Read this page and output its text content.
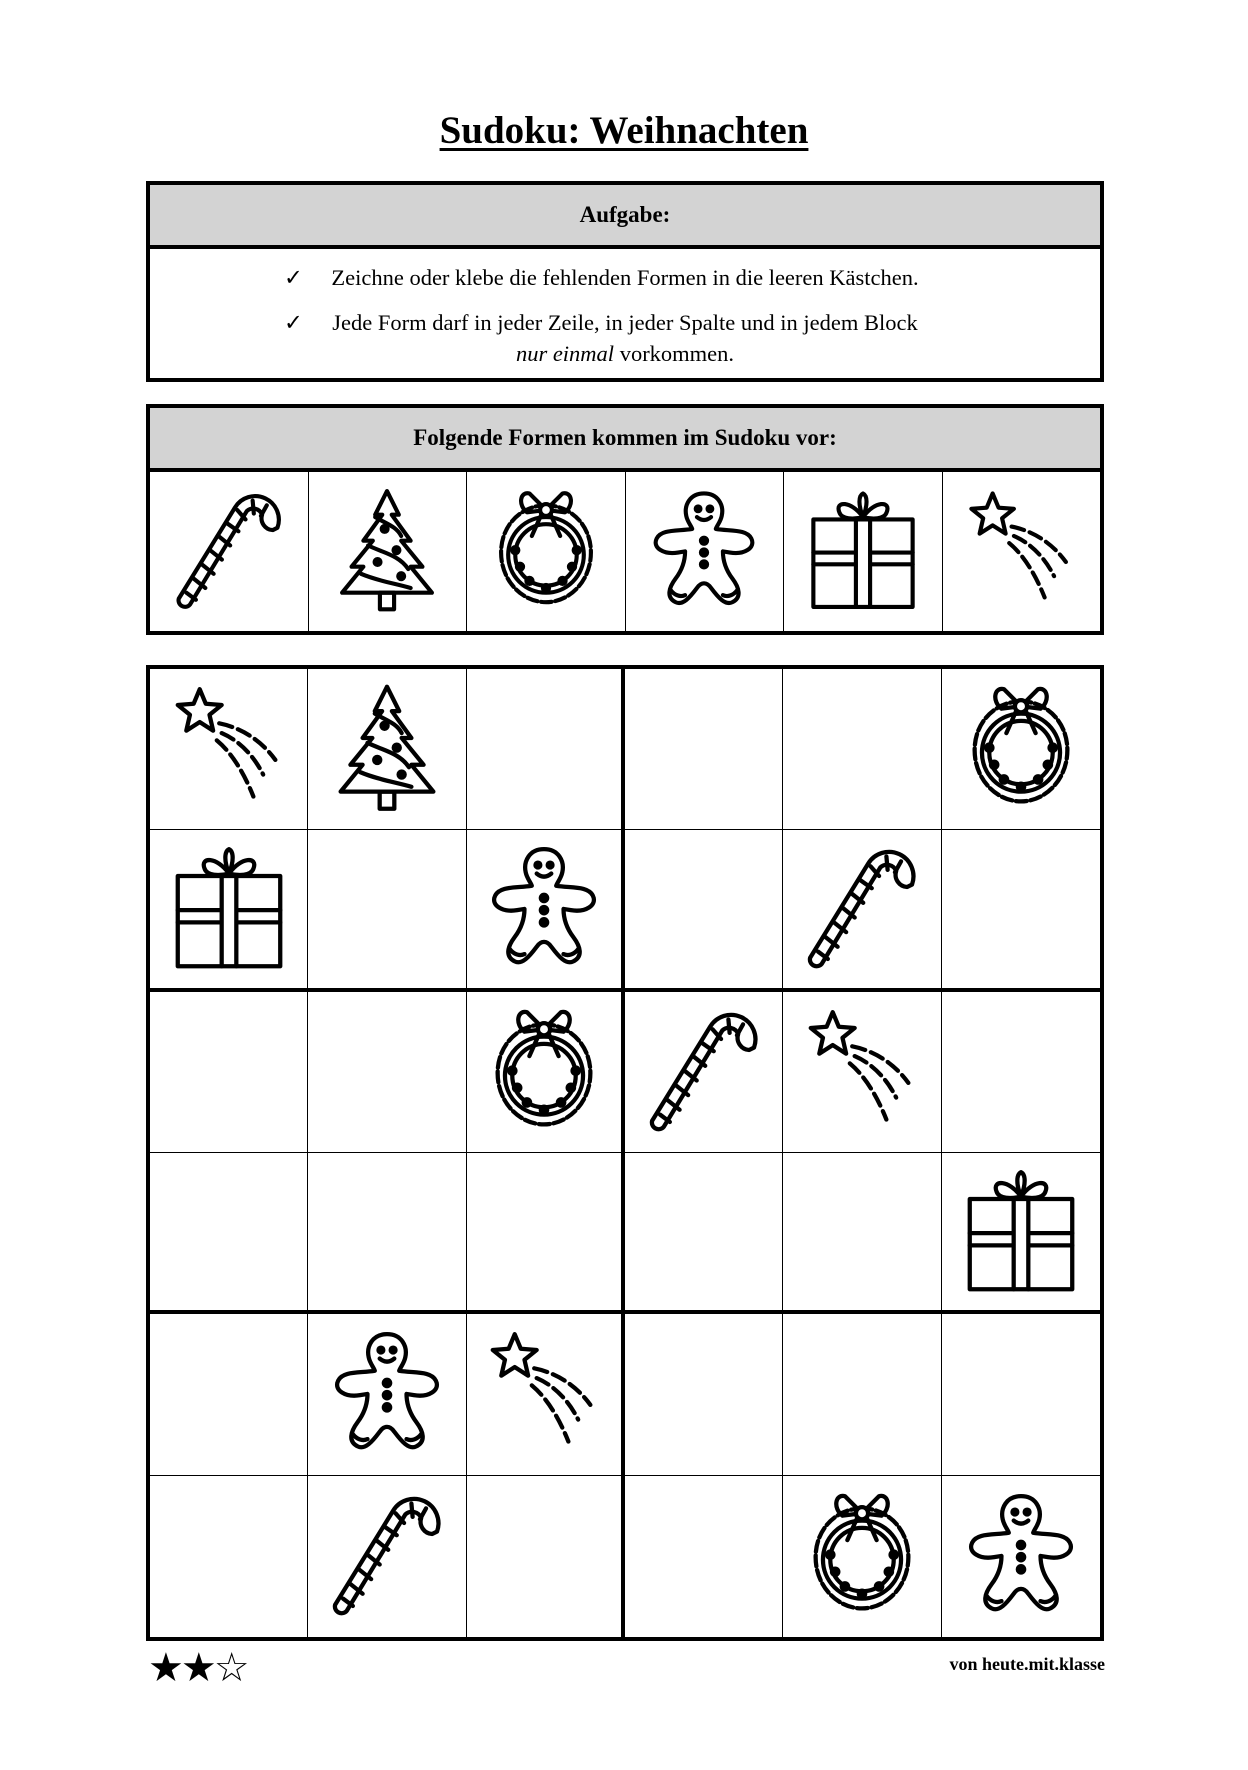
Sudoku: Weihnachten
Aufgabe:
✓ Zeichne oder klebe die fehlenden Formen in die leeren Kästchen.
✓ Jede Form darf in jeder Zeile, in jeder Spalte und in jedem Block
nur einmal vorkommen.
Folgende Formen kommen im Sudoku vor:
★★☆	von heute.mit.klasse
